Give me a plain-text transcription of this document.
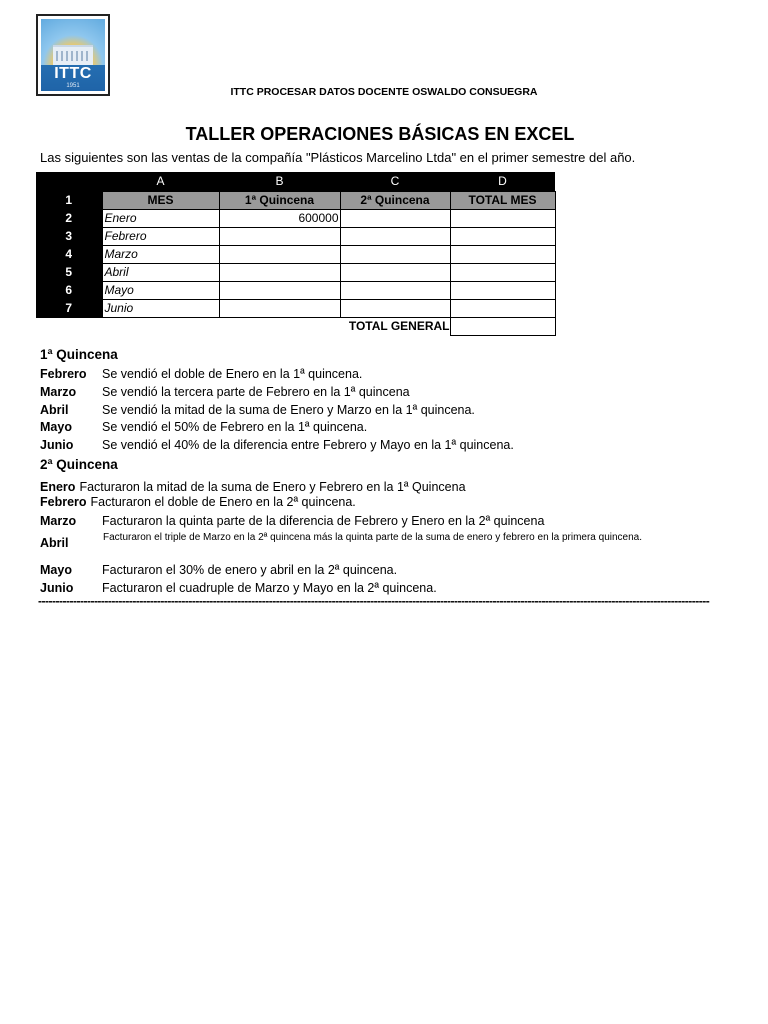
ITTC
1951	ITTC PROCESAR DATOS DOCENTE OSWALDO CONSUEGRA
TALLER OPERACIONES BÁSICAS EN EXCEL
Las siguientes son las ventas de la compañía "Plásticos Marcelino Ltda" en el primer semestre del año.
	A	B	C	D
1	MES	1ª Quincena	2ª Quincena	TOTAL MES
2	Enero	600000		
3	Febrero			
4	Marzo			
5	Abril			
6	Mayo			
7	Junio			
	TOTAL GENERAL			
1ª Quincena
Febrero Se vendió el doble de Enero en la 1ª quincena.
Marzo Se vendió la tercera parte de Febrero en la 1ª quincena
Abril	Se vendió la mitad de la suma de Enero y Marzo en la 1ª quincena.
Mayo Se vendió el 50% de Febrero en la 1ª quincena.
Junio Se vendió el 40% de la diferencia entre Febrero y Mayo en la 1ª quincena.
2ª Quincena
Enero Facturaron la mitad de la suma de Enero y Febrero en la 1ª Quincena
Febrero Facturaron el doble de Enero en la 2ª quincena.
Marzo Facturaron la quinta parte de la diferencia de Febrero y Enero en la 2ª quincena
Abril	Facturaron el triple de Marzo en la 2ª quincena más la quinta parte de la suma de enero y febrero en la primera quincena.
Mayo Facturaron el 30% de enero y abril en la 2ª quincena.
Junio Facturaron el cuadruple de Marzo y Mayo en la 2ª quincena.
------------------------------------------------------------------------------------------------------------------------------------------------------------------------------------------------
